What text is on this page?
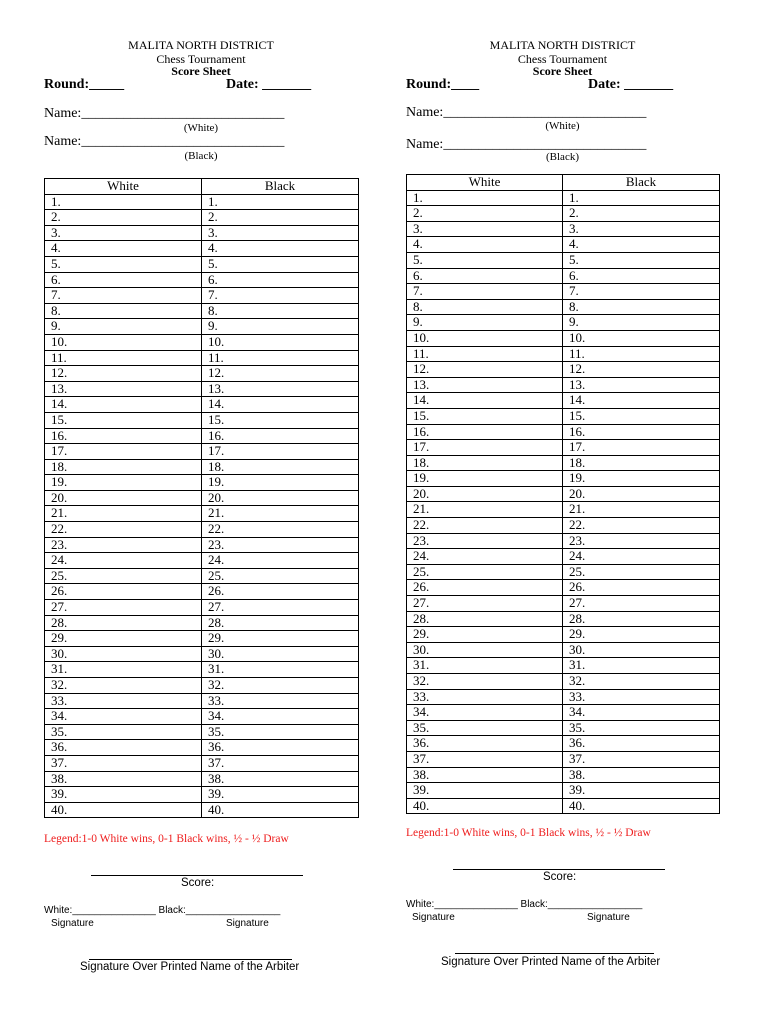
MALITA NORTH DISTRICT
Chess Tournament
Score Sheet
Round:_____	Date: _______
Name:_____________________________
(White)
Name:_____________________________
(Black)
White	Black
1.	1.
2.	2.
3.	3.
4.	4.
5.	5.
6.	6.
7.	7.
8.	8.
9.	9.
10.	10.
11.	11.
12.	12.
13.	13.
14.	14.
15.	15.
16.	16.
17.	17.
18.	18.
19.	19.
20.	20.
21.	21.
22.	22.
23.	23.
24.	24.
25.	25.
26.	26.
27.	27.
28.	28.
29.	29.
30.	30.
31.	31.
32.	32.
33.	33.
34.	34.
35.	35.
36.	36.
37.	37.
38.	38.
39.	39.
40.	40.
Legend:1-0 White wins, 0-1 Black wins, ½ - ½ Draw
Score:
White:_______________ Black:_________________
Signature	Signature
Signature Over Printed Name of the Arbiter
MALITA NORTH DISTRICT
Chess Tournament
Score Sheet
Round:____	Date: _______
Name:_____________________________
(White)
Name:_____________________________
(Black)
White	Black
1.	1.
2.	2.
3.	3.
4.	4.
5.	5.
6.	6.
7.	7.
8.	8.
9.	9.
10.	10.
11.	11.
12.	12.
13.	13.
14.	14.
15.	15.
16.	16.
17.	17.
18.	18.
19.	19.
20.	20.
21.	21.
22.	22.
23.	23.
24.	24.
25.	25.
26.	26.
27.	27.
28.	28.
29.	29.
30.	30.
31.	31.
32.	32.
33.	33.
34.	34.
35.	35.
36.	36.
37.	37.
38.	38.
39.	39.
40.	40.
Legend:1-0 White wins, 0-1 Black wins, ½ - ½ Draw
Score:
White:_______________ Black:_________________
Signature	Signature
Signature Over Printed Name of the Arbiter
